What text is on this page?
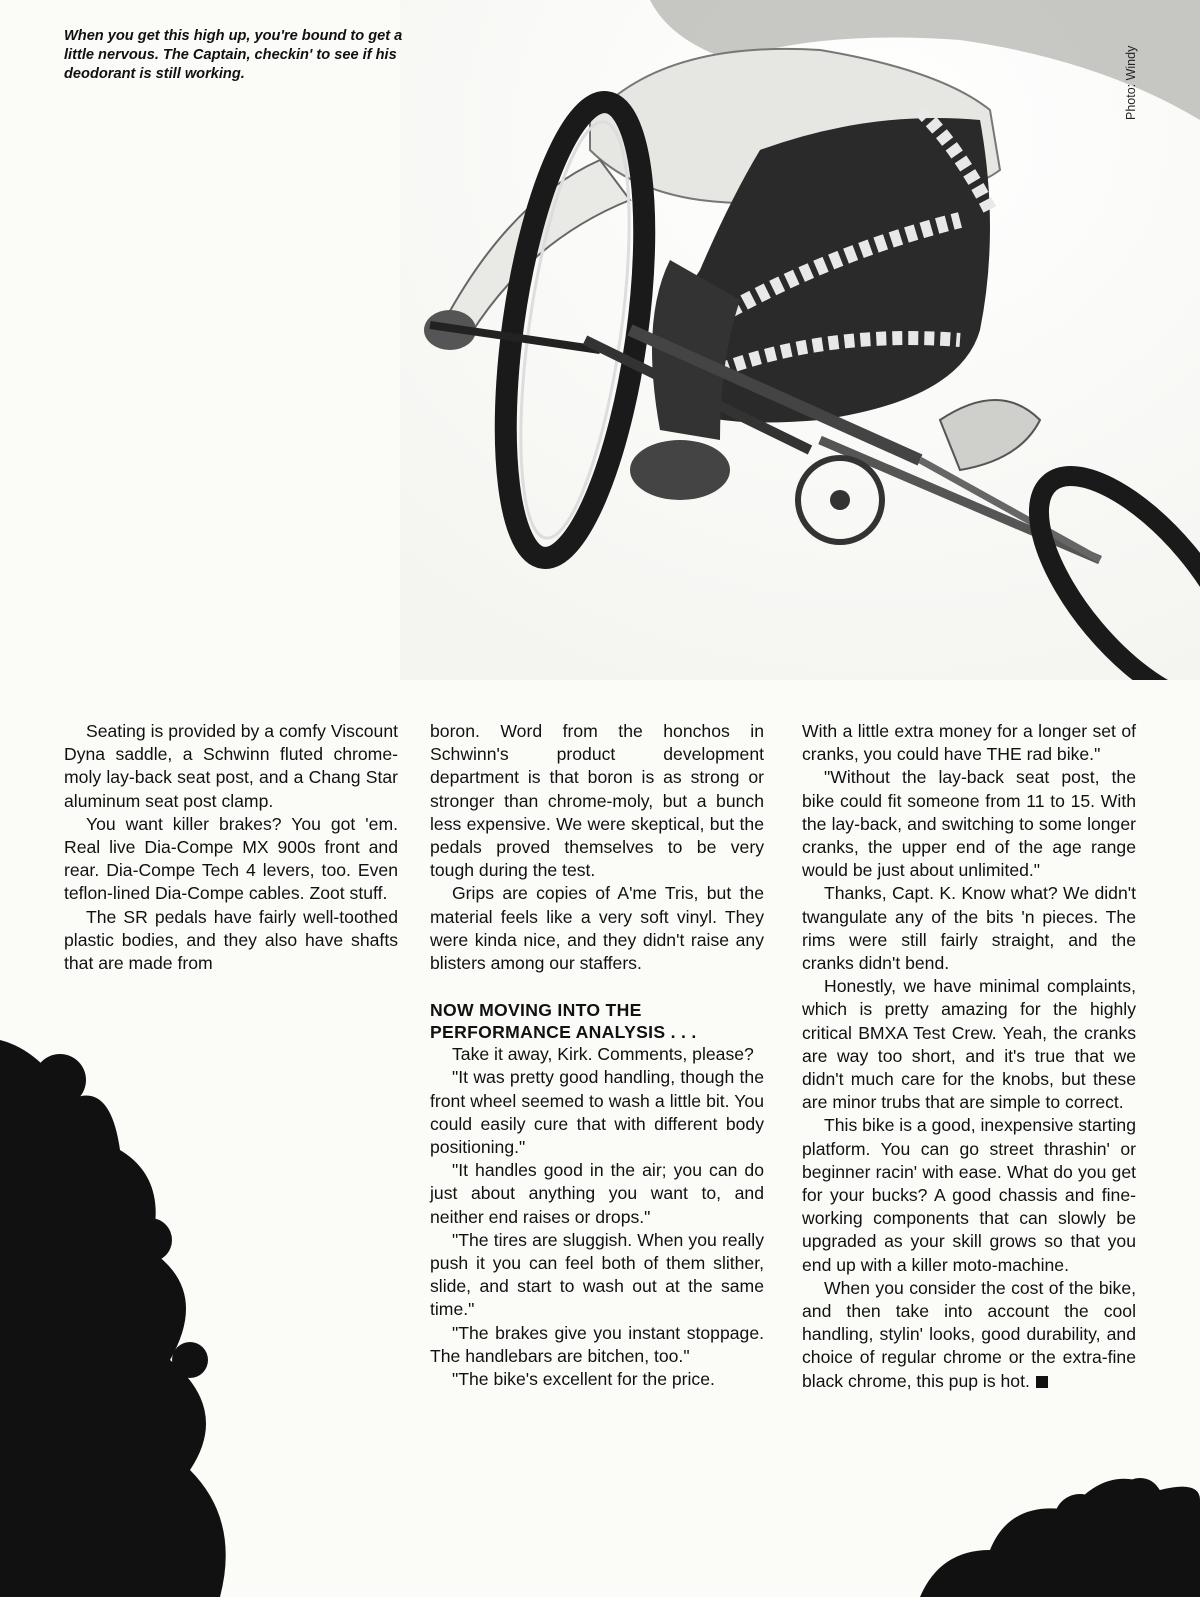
When you get this high up, you're bound to get a little nervous. The Captain, checkin' to see if his deodorant is still working.	Photo: Windy

Seating is provided by a comfy Viscount Dyna saddle, a Schwinn fluted chrome-moly lay-back seat post, and a Chang Star aluminum seat post clamp.

You want killer brakes? You got 'em. Real live Dia-Compe MX 900s front and rear. Dia-Compe Tech 4 levers, too. Even teflon-lined Dia-Compe cables. Zoot stuff.

The SR pedals have fairly well-toothed plastic bodies, and they also have shafts that are made from

boron. Word from the honchos in Schwinn's product development department is that boron is as strong or stronger than chrome-moly, but a bunch less expensive. We were skeptical, but the pedals proved themselves to be very tough during the test.

Grips are copies of A'me Tris, but the material feels like a very soft vinyl. They were kinda nice, and they didn't raise any blisters among our staffers.

NOW MOVING INTO THE PERFORMANCE ANALYSIS . . .

Take it away, Kirk. Comments, please?

"It was pretty good handling, though the front wheel seemed to wash a little bit. You could easily cure that with different body positioning."

"It handles good in the air; you can do just about anything you want to, and neither end raises or drops."

"The tires are sluggish. When you really push it you can feel both of them slither, slide, and start to wash out at the same time."

"The brakes give you instant stoppage. The handlebars are bitchen, too."

"The bike's excellent for the price.

With a little extra money for a longer set of cranks, you could have THE rad bike."

"Without the lay-back seat post, the bike could fit someone from 11 to 15. With the lay-back, and switching to some longer cranks, the upper end of the age range would be just about unlimited."

Thanks, Capt. K. Know what? We didn't twangulate any of the bits 'n pieces. The rims were still fairly straight, and the cranks didn't bend.

Honestly, we have minimal complaints, which is pretty amazing for the highly critical BMXA Test Crew. Yeah, the cranks are way too short, and it's true that we didn't much care for the knobs, but these are minor trubs that are simple to correct.

This bike is a good, inexpensive starting platform. You can go street thrashin' or beginner racin' with ease. What do you get for your bucks? A good chassis and fine-working components that can slowly be upgraded as your skill grows so that you end up with a killer moto-machine.

When you consider the cost of the bike, and then take into account the cool handling, stylin' looks, good durability, and choice of regular chrome or the extra-fine black chrome, this pup is hot.
